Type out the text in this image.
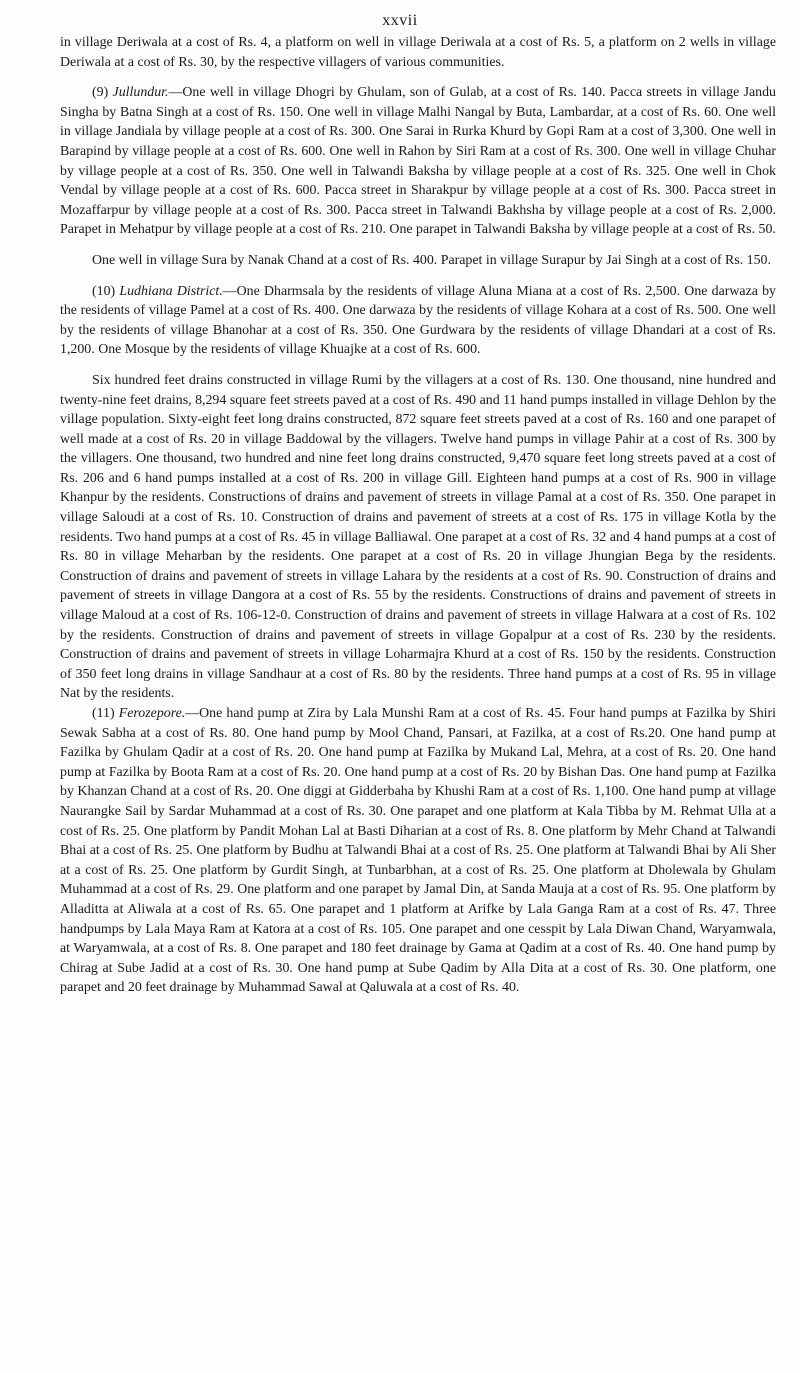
xxvii

in village Deriwala at a cost of Rs. 4, a platform on well in village Deriwala at a cost of Rs. 5, a platform on 2 wells in village Deriwala at a cost of Rs. 30, by the respective villagers of various communities.

(9) Jullundur.—One well in village Dhogri by Ghulam, son of Gulab, at a cost of Rs. 140. Pacca streets in village Jandu Singha by Batna Singh at a cost of Rs. 150. One well in village Malhi Nangal by Buta, Lambardar, at a cost of Rs. 60. One well in village Jandiala by village people at a cost of Rs. 300. One Sarai in Rurka Khurd by Gopi Ram at a cost of 3,300. One well in Barapind by village people at a cost of Rs. 600. One well in Rahon by Siri Ram at a cost of Rs. 300. One well in village Chuhar by village people at a cost of Rs. 350. One well in Talwandi Baksha by village people at a cost of Rs. 325. One well in Chok Vendal by village people at a cost of Rs. 600. Pacca street in Sharakpur by village people at a cost of Rs. 300. Pacca street in Mozaffarpur by village people at a cost of Rs. 300. Pacca street in Talwandi Bakhsha by village people at a cost of Rs. 2,000. Parapet in Mehatpur by village people at a cost of Rs. 210. One parapet in Talwandi Baksha by village people at a cost of Rs. 50.

One well in village Sura by Nanak Chand at a cost of Rs. 400. Parapet in village Surapur by Jai Singh at a cost of Rs. 150.

(10) Ludhiana District.—One Dharmsala by the residents of village Aluna Miana at a cost of Rs. 2,500. One darwaza by the residents of village Pamel at a cost of Rs. 400. One darwaza by the residents of village Kohara at a cost of Rs. 500. One well by the residents of village Bhanohar at a cost of Rs. 350. One Gurdwara by the residents of village Dhandari at a cost of Rs. 1,200. One Mosque by the residents of village Khuajke at a cost of Rs. 600.

Six hundred feet drains constructed in village Rumi by the villagers at a cost of Rs. 130. One thousand, nine hundred and twenty-nine feet drains, 8,294 square feet streets paved at a cost of Rs. 490 and 11 hand pumps installed in village Dehlon by the village population. Sixty-eight feet long drains constructed, 872 square feet streets paved at a cost of Rs. 160 and one parapet of well made at a cost of Rs. 20 in village Baddowal by the villagers. Twelve hand pumps in village Pahir at a cost of Rs. 300 by the villagers. One thousand, two hundred and nine feet long drains constructed, 9,470 square feet long streets paved at a cost of Rs. 206 and 6 hand pumps installed at a cost of Rs. 200 in village Gill. Eighteen hand pumps at a cost of Rs. 900 in village Khanpur by the residents. Constructions of drains and pavement of streets in village Pamal at a cost of Rs. 350. One parapet in village Saloudi at a cost of Rs. 10. Construction of drains and pavement of streets at a cost of Rs. 175 in village Kotla by the residents. Two hand pumps at a cost of Rs. 45 in village Balliawal. One parapet at a cost of Rs. 32 and 4 hand pumps at a cost of Rs. 80 in village Meharban by the residents. One parapet at a cost of Rs. 20 in village Jhungian Bega by the residents. Construction of drains and pavement of streets in village Lahara by the residents at a cost of Rs. 90. Construction of drains and pavement of streets in village Dangora at a cost of Rs. 55 by the residents. Constructions of drains and pavement of streets in village Maloud at a cost of Rs. 106-12-0. Construction of drains and pavement of streets in village Halwara at a cost of Rs. 102 by the residents. Construction of drains and pavement of streets in village Gopalpur at a cost of Rs. 230 by the residents. Construction of drains and pavement of streets in village Loharmajra Khurd at a cost of Rs. 150 by the residents. Construction of 350 feet long drains in village Sandhaur at a cost of Rs. 80 by the residents. Three hand pumps at a cost of Rs. 95 in village Nat by the residents.

(11) Ferozepore.—One hand pump at Zira by Lala Munshi Ram at a cost of Rs. 45. Four hand pumps at Fazilka by Shiri Sewak Sabha at a cost of Rs. 80. One hand pump by Mool Chand, Pansari, at Fazilka, at a cost of Rs.20. One hand pump at Fazilka by Ghulam Qadir at a cost of Rs. 20. One hand pump at Fazilka by Mukand Lal, Mehra, at a cost of Rs. 20. One hand pump at Fazilka by Boota Ram at a cost of Rs. 20. One hand pump at a cost of Rs. 20 by Bishan Das. One hand pump at Fazilka by Khanzan Chand at a cost of Rs. 20. One diggi at Gidderbaha by Khushi Ram at a cost of Rs. 1,100. One hand pump at village Naurangke Sail by Sardar Muhammad at a cost of Rs. 30. One parapet and one platform at Kala Tibba by M. Rehmat Ulla at a cost of Rs. 25. One platform by Pandit Mohan Lal at Basti Diharian at a cost of Rs. 8. One platform by Mehr Chand at Talwandi Bhai at a cost of Rs. 25. One platform by Budhu at Talwandi Bhai at a cost of Rs. 25. One platform at Talwandi Bhai by Ali Sher at a cost of Rs. 25. One platform by Gurdit Singh, at Tunbarbhan, at a cost of Rs. 25. One platform at Dholewala by Ghulam Muhammad at a cost of Rs. 29. One platform and one parapet by Jamal Din, at Sanda Mauja at a cost of Rs. 95. One platform by Alladitta at Aliwala at a cost of Rs. 65. One parapet and 1 platform at Arifke by Lala Ganga Ram at a cost of Rs. 47. Three handpumps by Lala Maya Ram at Katora at a cost of Rs. 105. One parapet and one cesspit by Lala Diwan Chand, Waryamwala, at Waryamwala, at a cost of Rs. 8. One parapet and 180 feet drainage by Gama at Qadim at a cost of Rs. 40. One hand pump by Chirag at Sube Jadid at a cost of Rs. 30. One hand pump at Sube Qadim by Alla Dita at a cost of Rs. 30. One platform, one parapet and 20 feet drainage by Muhammad Sawal at Qaluwala at a cost of Rs. 40.
